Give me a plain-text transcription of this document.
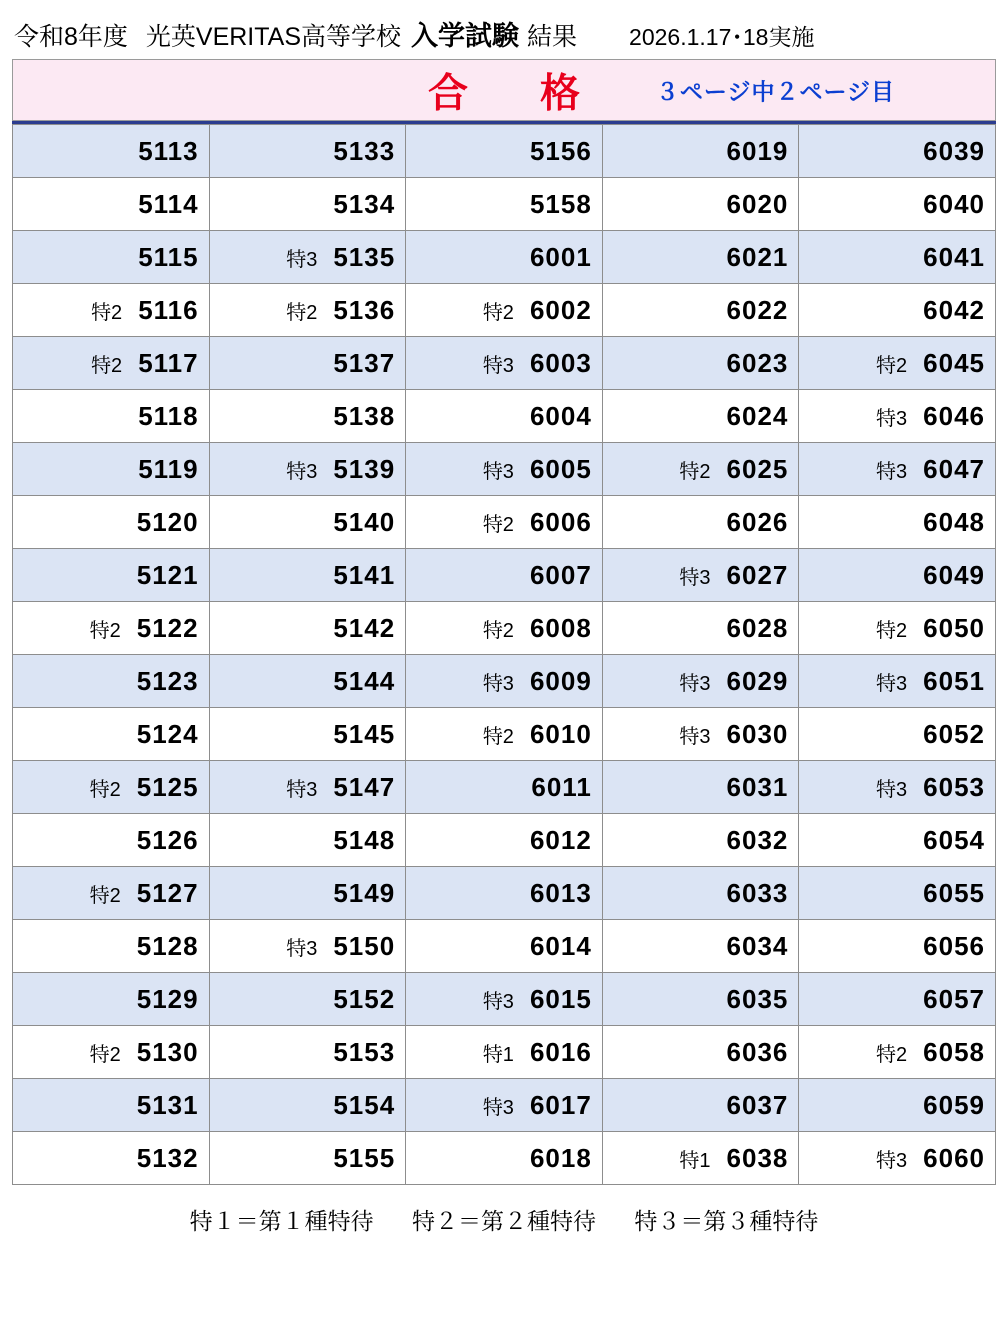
令和8年度 光英VERITAS高等学校 入学試験 結果 2026.1.17･18実施
合　格	３ページ中２ページ目
5113	5133	5156	6019	6039

5114	5134	5158	6020	6040

5115	特3 5135	6001	6021	6041

特2 5116	特2 5136	特2 6002	6022	6042

特2 5117	5137	特3 6003	6023	特2 6045

5118	5138	6004	6024	特3 6046

5119	特3 5139	特3 6005	特2 6025	特3 6047

5120	5140	特2 6006	6026	6048

5121	5141	6007	特3 6027	6049

特2 5122	5142	特2 6008	6028	特2 6050

5123	5144	特3 6009	特3 6029	特3 6051

5124	5145	特2 6010	特3 6030	6052

特2 5125	特3 5147	6011	6031	特3 6053

5126	5148	6012	6032	6054

特2 5127	5149	6013	6033	6055

5128	特3 5150	6014	6034	6056

5129	5152	特3 6015	6035	6057

特2 5130	5153	特1 6016	6036	特2 6058

5131	5154	特3 6017	6037	6059

5132	5155	6018	特1 6038	特3 6060
特１＝第１種特待 特２＝第２種特待 特３＝第３種特待
